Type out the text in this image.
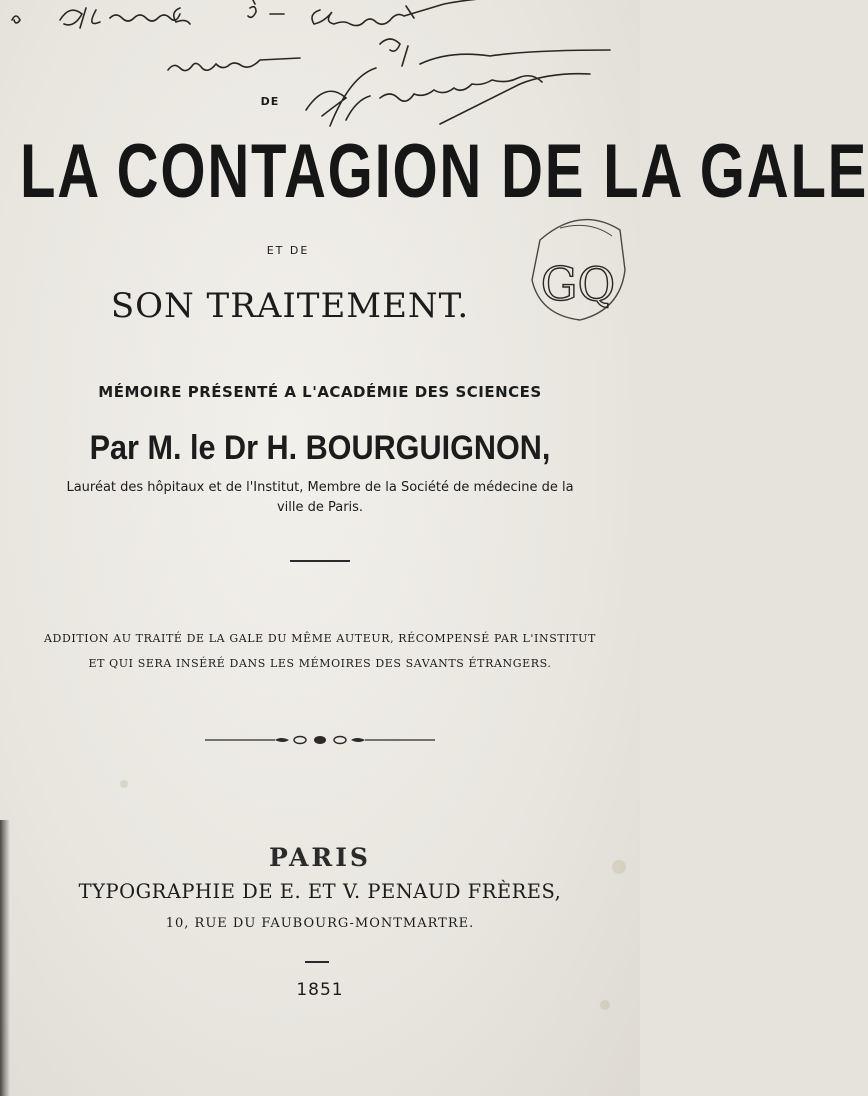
DE
LA CONTAGION DE LA GALE
ET DE
SON TRAITEMENT.	GQ
MÉMOIRE PRÉSENTÉ A L'ACADÉMIE DES SCIENCES
Par M. le Dr H. BOURGUIGNON,
Lauréat des hôpitaux et de l'Institut, Membre de la Société de médecine de la
ville de Paris.
ADDITION AU TRAITÉ DE LA GALE DU MÊME AUTEUR, RÉCOMPENSÉ PAR L'INSTITUT
ET QUI SERA INSÉRÉ DANS LES MÉMOIRES DES SAVANTS ÉTRANGERS.
PARIS
TYPOGRAPHIE DE E. ET V. PENAUD FRÈRES,
10, RUE DU FAUBOURG-MONTMARTRE.
1851
